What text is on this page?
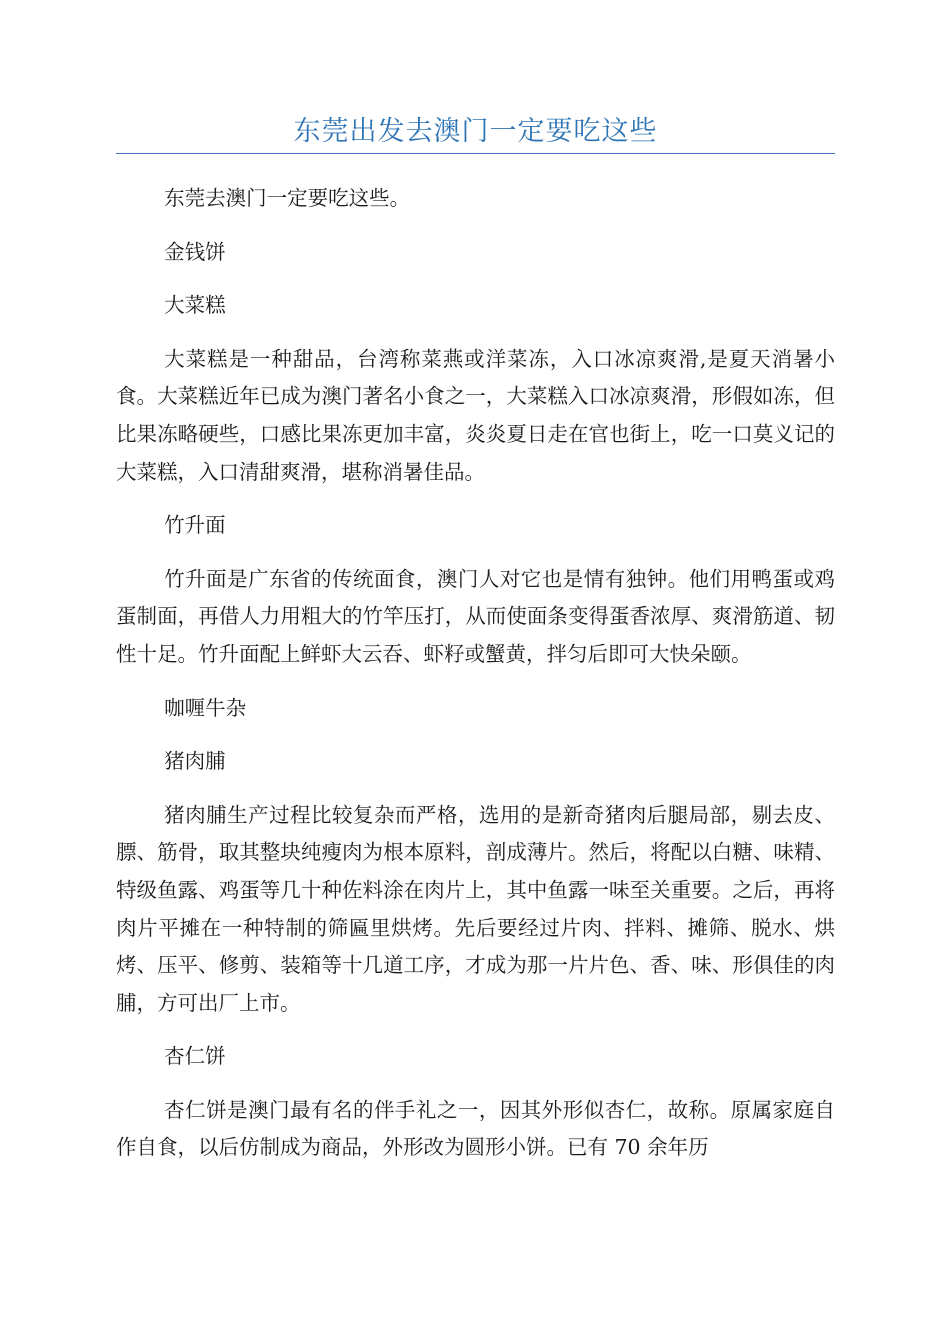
东莞出发去澳门一定要吃这些

东莞去澳门一定要吃这些。

金钱饼

大菜糕

大菜糕是一种甜品，台湾称菜燕或洋菜冻，入口冰凉爽滑,是夏天消暑小食。大菜糕近年已成为澳门著名小食之一，大菜糕入口冰凉爽滑，形假如冻，但比果冻略硬些，口感比果冻更加丰富，炎炎夏日走在官也街上，吃一口莫义记的大菜糕，入口清甜爽滑，堪称消暑佳品。

竹升面

竹升面是广东省的传统面食，澳门人对它也是情有独钟。他们用鸭蛋或鸡蛋制面，再借人力用粗大的竹竿压打，从而使面条变得蛋香浓厚、爽滑筋道、韧性十足。竹升面配上鲜虾大云吞、虾籽或蟹黄，拌匀后即可大快朵颐。

咖喱牛杂

猪肉脯

猪肉脯生产过程比较复杂而严格，选用的是新奇猪肉后腿局部，剔去皮、膘、筋骨，取其整块纯瘦肉为根本原料，剖成薄片。然后，将配以白糖、味精、特级鱼露、鸡蛋等几十种佐料涂在肉片上，其中鱼露一味至关重要。之后，再将肉片平摊在一种特制的筛匾里烘烤。先后要经过片肉、拌料、摊筛、脱水、烘烤、压平、修剪、装箱等十几道工序，才成为那一片片色、香、味、形俱佳的肉脯，方可出厂上市。

杏仁饼

杏仁饼是澳门最有名的伴手礼之一，因其外形似杏仁，故称。原属家庭自作自食，以后仿制成为商品，外形改为圆形小饼。已有 70 余年历
